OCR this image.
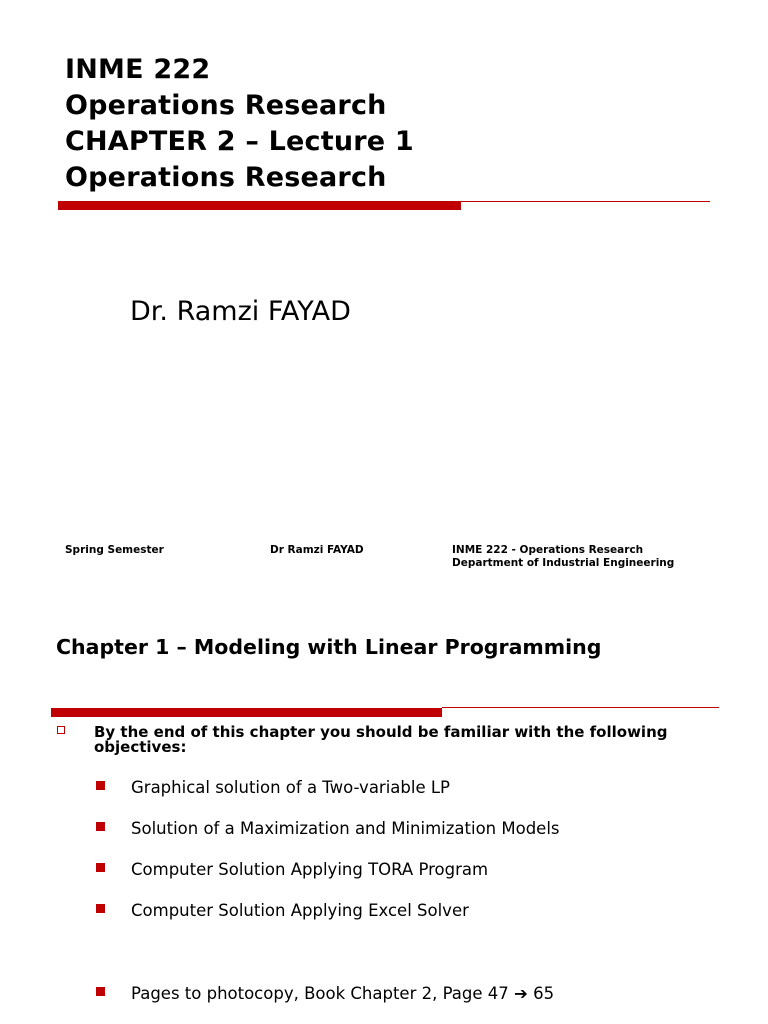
INME 222
Operations Research
CHAPTER 2 – Lecture 1
Operations Research
Dr. Ramzi FAYAD
Spring Semester	Dr Ramzi FAYAD	INME 222 - Operations Research
Department of Industrial Engineering
Chapter 1 – Modeling with Linear Programming
By the end of this chapter you should be familiar with the following objectives:
Graphical solution of a Two-variable LP
Solution of a Maximization and Minimization Models
Computer Solution Applying TORA Program
Computer Solution Applying Excel Solver
Pages to photocopy, Book Chapter 2, Page 47 ➔ 65
